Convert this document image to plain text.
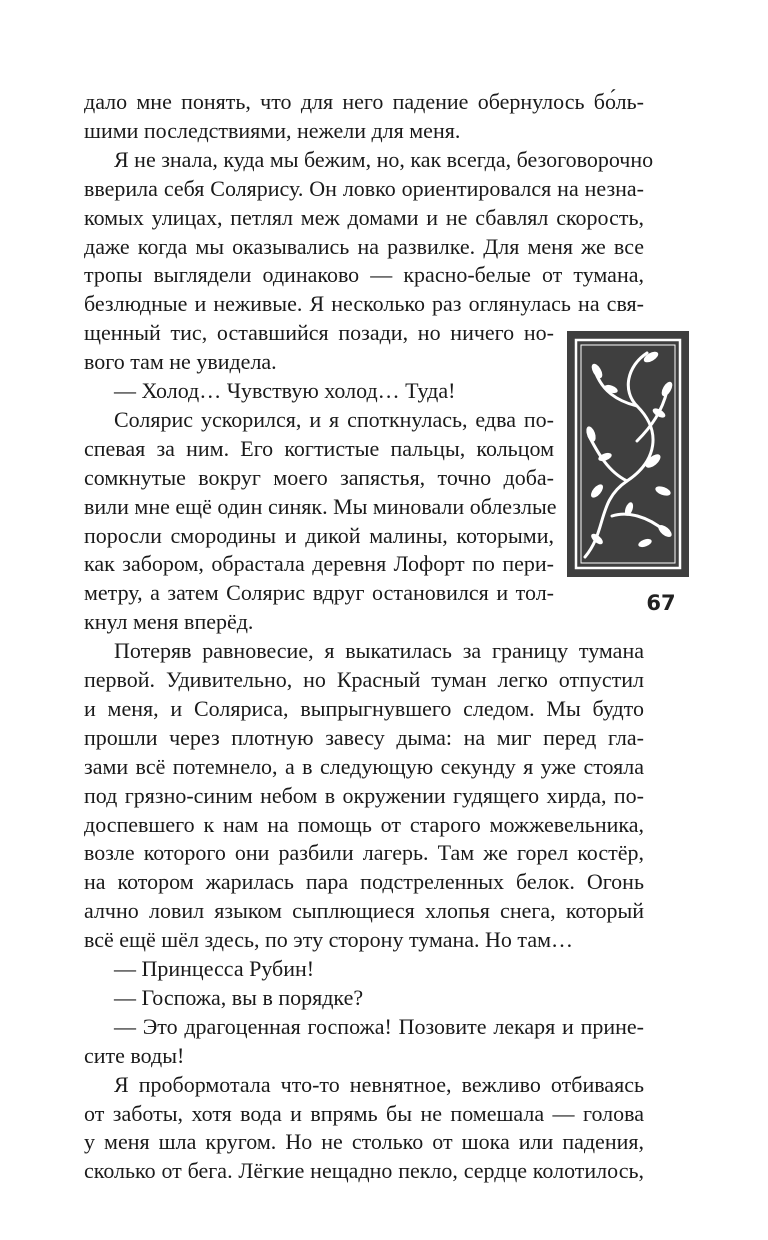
дало мне понять, что для него падение обернулось бо́ль-
шими последствиями, нежели для меня.
Я не знала, куда мы бежим, но, как всегда, безоговорочно
вверила себя Солярису. Он ловко ориентировался на незна-
комых улицах, петлял меж домами и не сбавлял скорость,
даже когда мы оказывались на развилке. Для меня же все
тропы выглядели одинаково — красно-белые от тумана,
безлюдные и неживые. Я несколько раз оглянулась на свя-
щенный тис, оставшийся позади, но ничего но-
вого там не увидела.
— Холод… Чувствую холод… Туда!
Солярис ускорился, и я споткнулась, едва по-
спевая за ним. Его когтистые пальцы, кольцом
сомкнутые вокруг моего запястья, точно доба-
вили мне ещё один синяк. Мы миновали облезлые
поросли смородины и дикой малины, которыми,
как забором, обрастала деревня Лофорт по пери-
метру, а затем Солярис вдруг остановился и тол-
кнул меня вперёд.
Потеряв равновесие, я выкатилась за границу тумана
первой. Удивительно, но Красный туман легко отпустил
и меня, и Соляриса, выпрыгнувшего следом. Мы будто
прошли через плотную завесу дыма: на миг перед гла-
зами всё потемнело, а в следующую секунду я уже стояла
под грязно-синим небом в окружении гудящего хирда, по-
доспевшего к нам на помощь от старого можжевельника,
возле которого они разбили лагерь. Там же горел костёр,
на котором жарилась пара подстреленных белок. Огонь
алчно ловил языком сыплющиеся хлопья снега, который
всё ещё шёл здесь, по эту сторону тумана. Но там…
— Принцесса Рубин!
— Госпожа, вы в порядке?
— Это драгоценная госпожа! Позовите лекаря и прине-
сите воды!
Я пробормотала что-то невнятное, вежливо отбиваясь
от заботы, хотя вода и впрямь бы не помешала — голова
у меня шла кругом. Но не столько от шока или падения,
сколько от бега. Лёгкие нещадно пекло, сердце колотилось,
67
